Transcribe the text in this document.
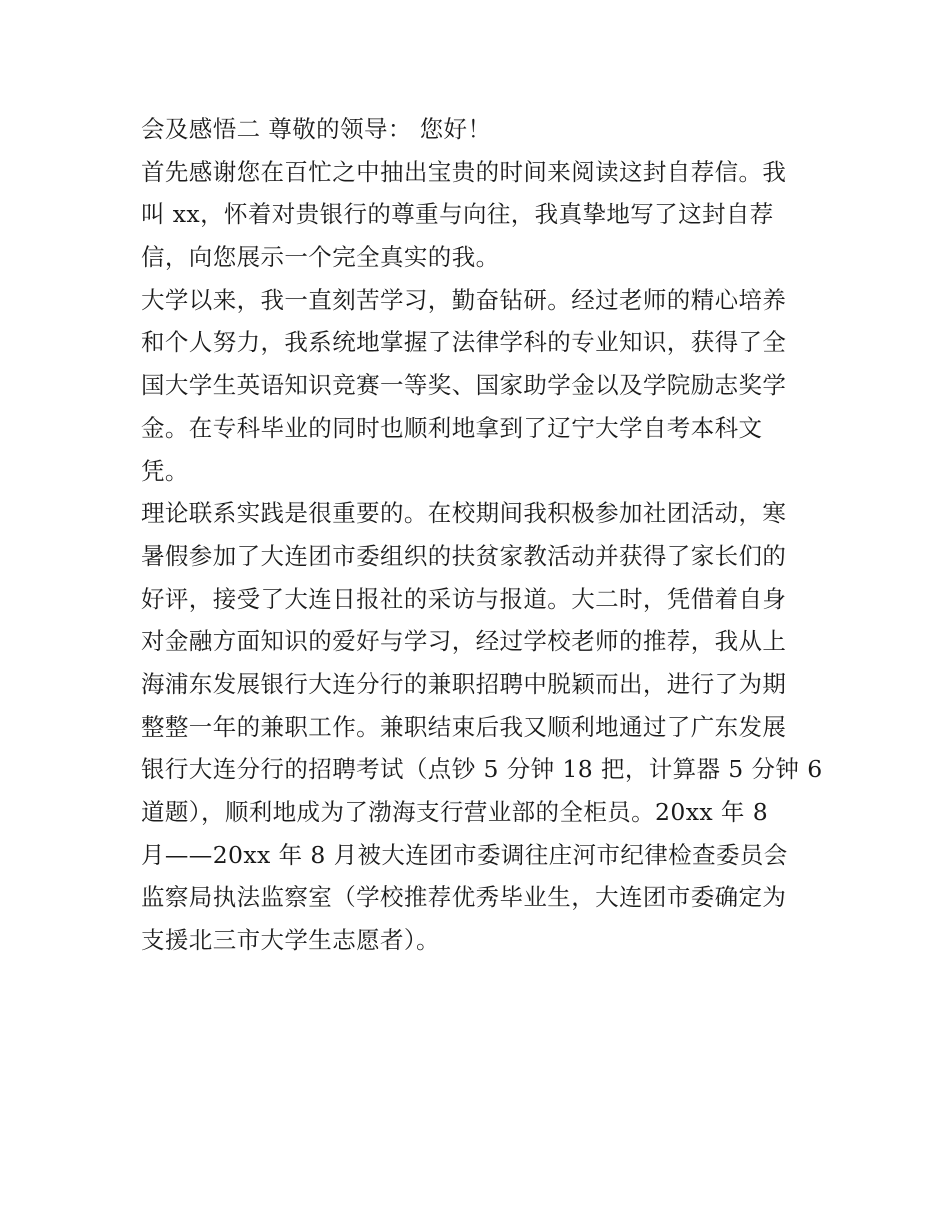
会及感悟二 尊敬的领导： 您好！
首先感谢您在百忙之中抽出宝贵的时间来阅读这封自荐信。我
叫 xx，怀着对贵银行的尊重与向往，我真挚地写了这封自荐
信，向您展示一个完全真实的我。
大学以来，我一直刻苦学习，勤奋钻研。经过老师的精心培养
和个人努力，我系统地掌握了法律学科的专业知识，获得了全
国大学生英语知识竞赛一等奖、国家助学金以及学院励志奖学
金。在专科毕业的同时也顺利地拿到了辽宁大学自考本科文
凭。
理论联系实践是很重要的。在校期间我积极参加社团活动，寒
暑假参加了大连团市委组织的扶贫家教活动并获得了家长们的
好评，接受了大连日报社的采访与报道。大二时，凭借着自身
对金融方面知识的爱好与学习，经过学校老师的推荐，我从上
海浦东发展银行大连分行的兼职招聘中脱颖而出，进行了为期
整整一年的兼职工作。兼职结束后我又顺利地通过了广东发展
银行大连分行的招聘考试（点钞 5 分钟 18 把，计算器 5 分钟 6
道题），顺利地成为了渤海支行营业部的全柜员。20xx 年 8
月——20xx 年 8 月被大连团市委调往庄河市纪律检查委员会
监察局执法监察室（学校推荐优秀毕业生，大连团市委确定为
支援北三市大学生志愿者）。
